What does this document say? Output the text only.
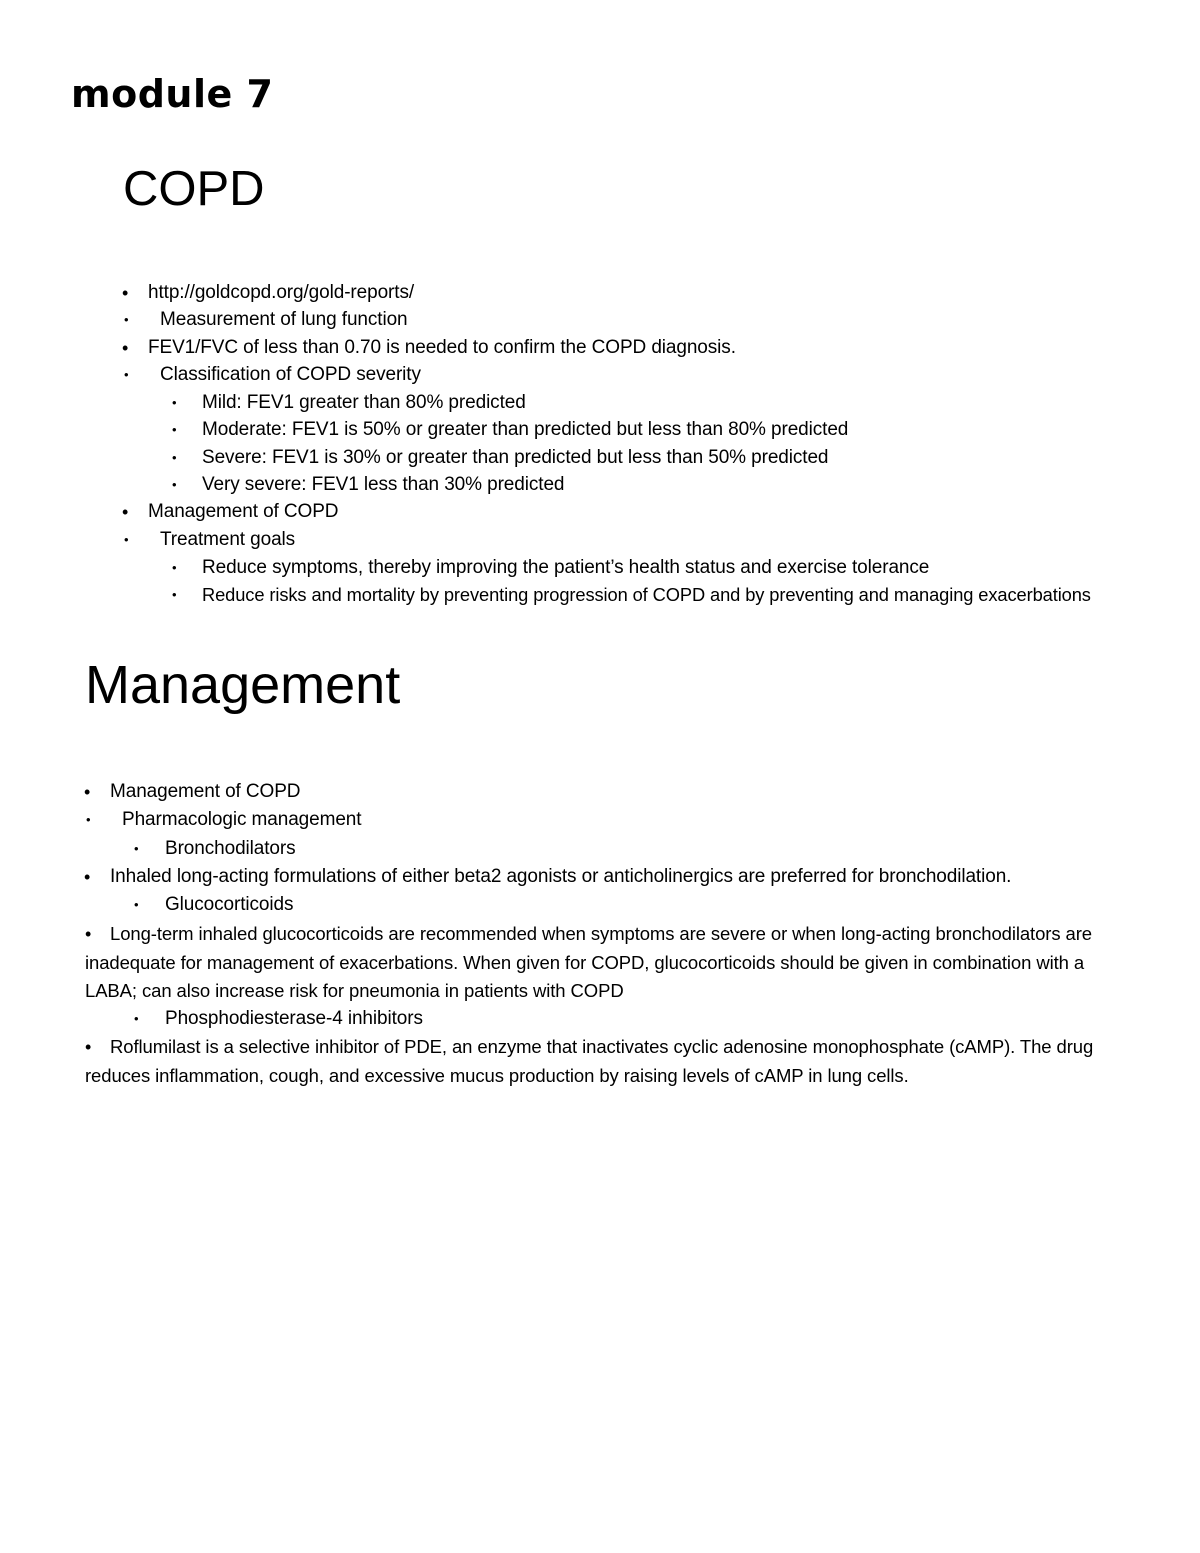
module 7
COPD
• http://goldcopd.org/gold-reports/
• Measurement of lung function
• FEV1/FVC of less than 0.70 is needed to confirm the COPD diagnosis.
• Classification of COPD severity
• Mild: FEV1 greater than 80% predicted
• Moderate: FEV1 is 50% or greater than predicted but less than 80% predicted
• Severe: FEV1 is 30% or greater than predicted but less than 50% predicted
• Very severe: FEV1 less than 30% predicted
• Management of COPD
• Treatment goals
• Reduce symptoms, thereby improving the patient’s health status and exercise tolerance
• Reduce risks and mortality by preventing progression of COPD and by preventing and managing exacerbations
Management
• Management of COPD
• Pharmacologic management
• Bronchodilators
• Inhaled long-acting formulations of either beta2 agonists or anticholinergics are preferred for bronchodilation.
• Glucocorticoids
• Long-term inhaled glucocorticoids are recommended when symptoms are severe or when long-acting bronchodilators are
inadequate for management of exacerbations. When given for COPD, glucocorticoids should be given in combination with a
LABA; can also increase risk for pneumonia in patients with COPD
• Phosphodiesterase-4 inhibitors
• Roflumilast is a selective inhibitor of PDE, an enzyme that inactivates cyclic adenosine monophosphate (cAMP). The drug
reduces inflammation, cough, and excessive mucus production by raising levels of cAMP in lung cells.
